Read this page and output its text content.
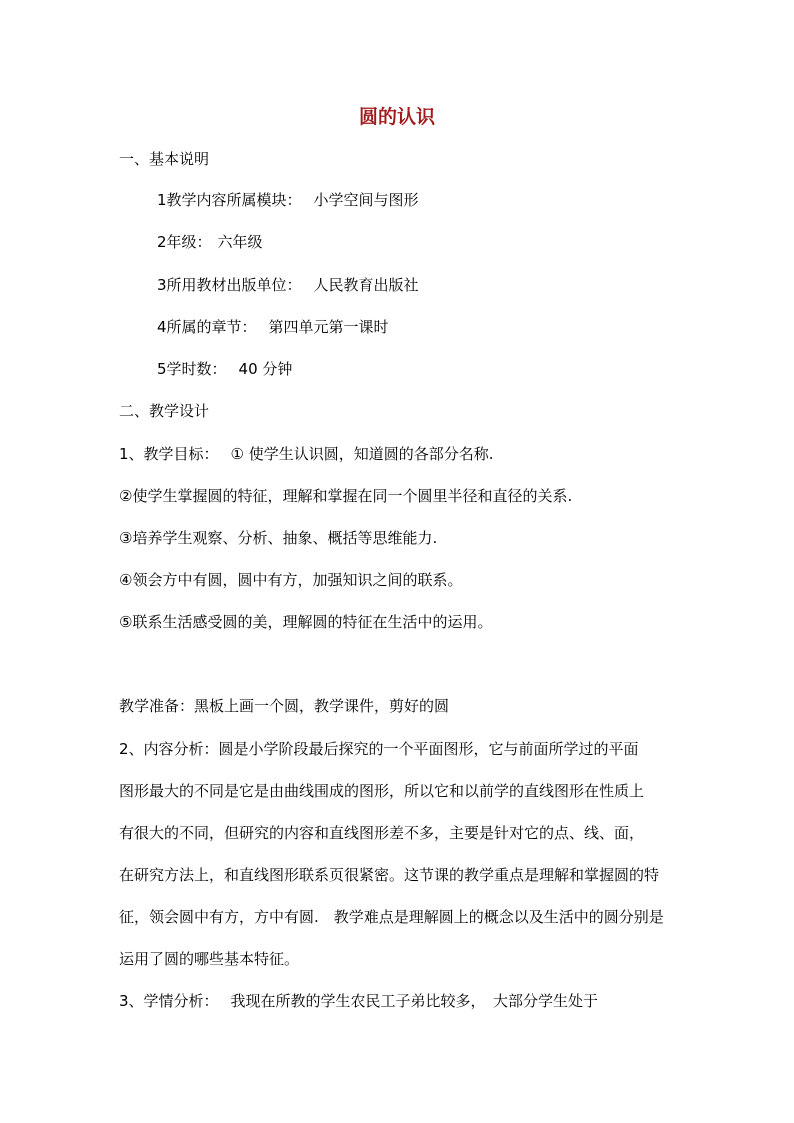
圆的认识
一、基本说明
1教学内容所属模块： 小学空间与图形
2年级： 六年级
3所用教材出版单位： 人民教育出版社
4所属的章节： 第四单元第一课时
5学时数： 40 分钟
二、教学设计
1、教学目标： ① 使学生认识圆，知道圆的各部分名称.
②使学生掌握圆的特征，理解和掌握在同一个圆里半径和直径的关系.
③培养学生观察、分析、抽象、概括等思维能力.
④领会方中有圆，圆中有方，加强知识之间的联系。
⑤联系生活感受圆的美，理解圆的特征在生活中的运用。
教学准备：黑板上画一个圆，教学课件，剪好的圆
2、内容分析：圆是小学阶段最后探究的一个平面图形，它与前面所学过的平面
图形最大的不同是它是由曲线围成的图形，所以它和以前学的直线图形在性质上
有很大的不同，但研究的内容和直线图形差不多，主要是针对它的点、线、面，
在研究方法上，和直线图形联系页很紧密。这节课的教学重点是理解和掌握圆的特
征，领会圆中有方，方中有圆.　教学难点是理解圆上的概念以及生活中的圆分别是
运用了圆的哪些基本特征。
3、学情分析： 我现在所教的学生农民工子弟比较多，　大部分学生处于
